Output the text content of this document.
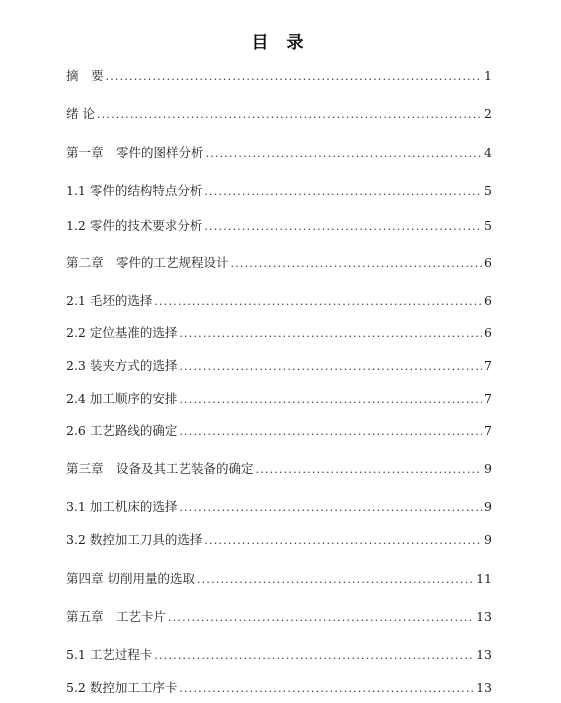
目 录
摘　要 .....	1
绪 论 .....	2
第一章　零件的图样分析 .....	4
1.1 零件的结构特点分析 .....	5
1.2 零件的技术要求分析 .....	5
第二章　零件的工艺规程设计 .....	6
2.1 毛坯的选择 .....	6
2.2 定位基准的选择 .....	6
2.3 装夹方式的选择 .....	7
2.4 加工顺序的安排 .....	7
2.6 工艺路线的确定 .....	7
第三章　设备及其工艺装备的确定 .....	9
3.1 加工机床的选择 .....	9
3.2 数控加工刀具的选择 .....	9
第四章 切削用量的选取 .....	11
第五章　工艺卡片 .....	13
5.1 工艺过程卡 .....	13
5.2 数控加工工序卡 .....	13
